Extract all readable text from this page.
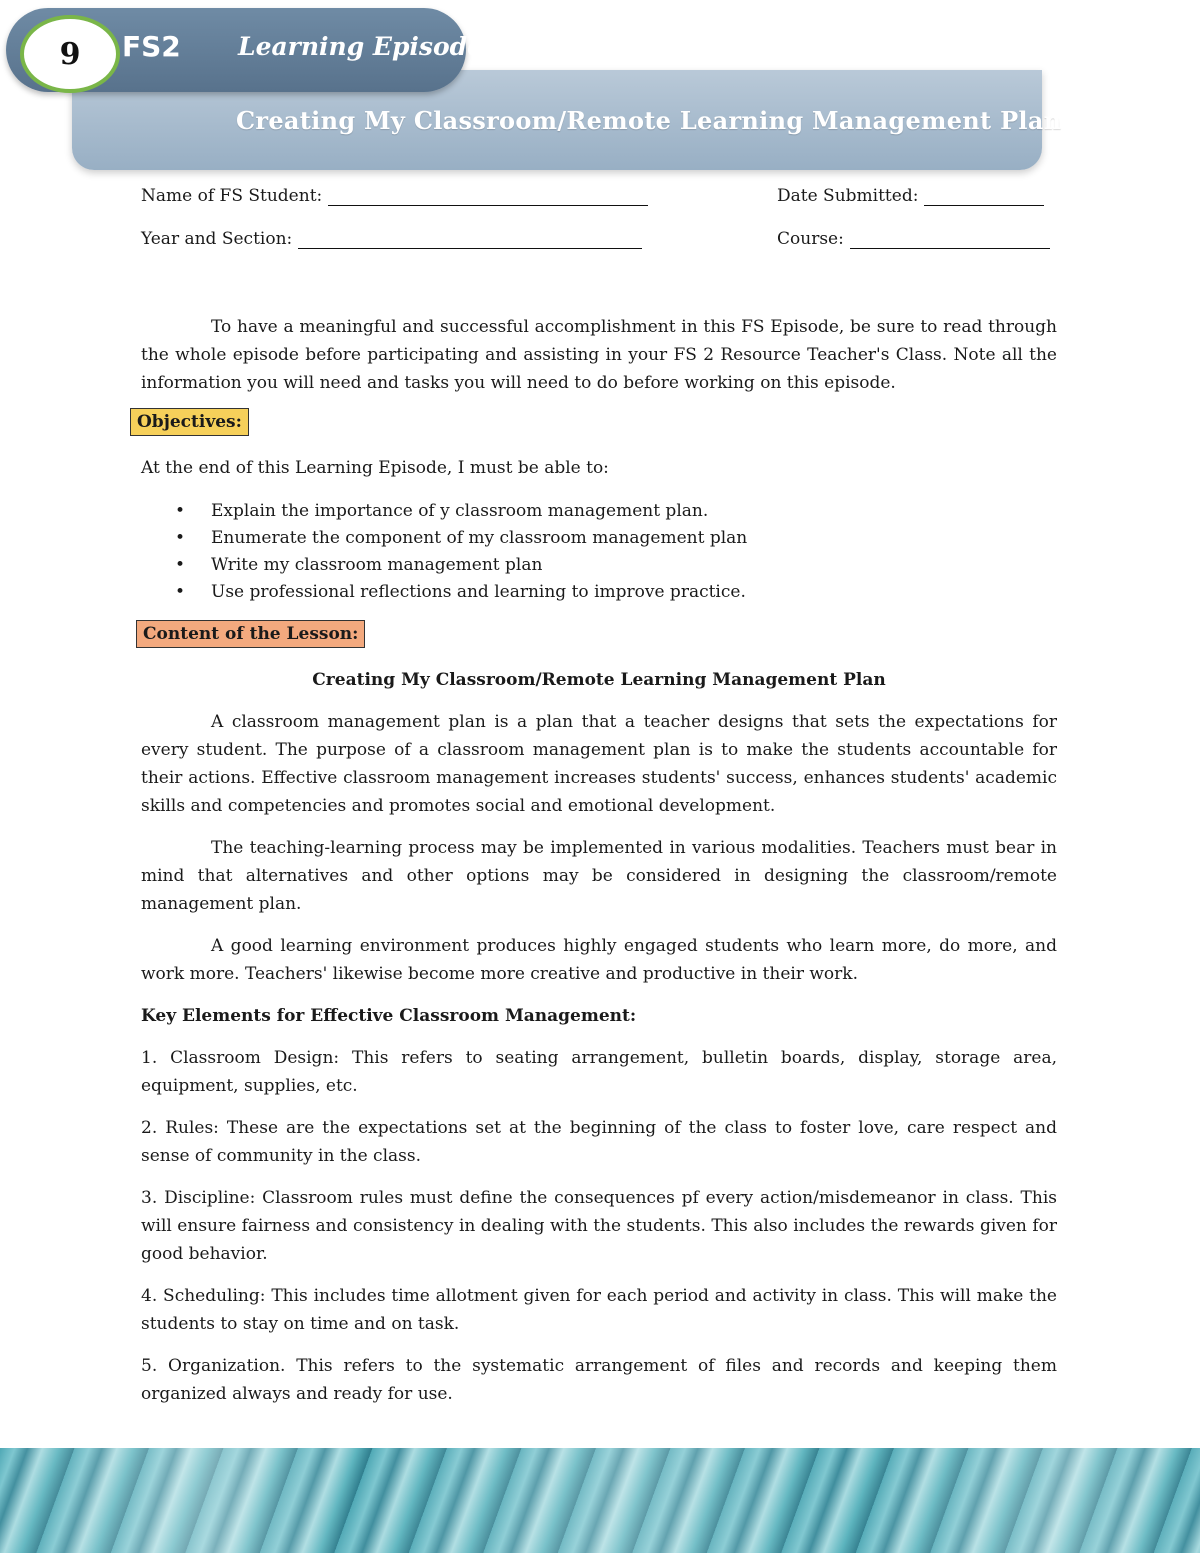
9 FS2 Learning Episode
Creating My Classroom/Remote Learning Management Plan
Name of FS Student:	Date Submitted:
Year and Section:	Course:

To have a meaningful and successful accomplishment in this FS Episode, be sure to read through the whole episode before participating and assisting in your FS 2 Resource Teacher's Class. Note all the information you will need and tasks you will need to do before working on this episode.

Objectives:

At the end of this Learning Episode, I must be able to:

• Explain the importance of y classroom management plan.
• Enumerate the component of my classroom management plan
• Write my classroom management plan
• Use professional reflections and learning to improve practice.
Content of the Lesson:

Creating My Classroom/Remote Learning Management Plan

A classroom management plan is a plan that a teacher designs that sets the expectations for every student. The purpose of a classroom management plan is to make the students accountable for their actions. Effective classroom management increases students' success, enhances students' academic skills and competencies and promotes social and emotional development.

The teaching-learning process may be implemented in various modalities. Teachers must bear in mind that alternatives and other options may be considered in designing the classroom/remote management plan.

A good learning environment produces highly engaged students who learn more, do more, and work more. Teachers' likewise become more creative and productive in their work.

Key Elements for Effective Classroom Management:

1. Classroom Design: This refers to seating arrangement, bulletin boards, display, storage area, equipment, supplies, etc.

2. Rules: These are the expectations set at the beginning of the class to foster love, care respect and sense of community in the class.

3. Discipline: Classroom rules must define the consequences pf every action/misdemeanor in class. This will ensure fairness and consistency in dealing with the students. This also includes the rewards given for good behavior.

4. Scheduling: This includes time allotment given for each period and activity in class. This will make the students to stay on time and on task.

5. Organization. This refers to the systematic arrangement of files and records and keeping them organized always and ready for use.
